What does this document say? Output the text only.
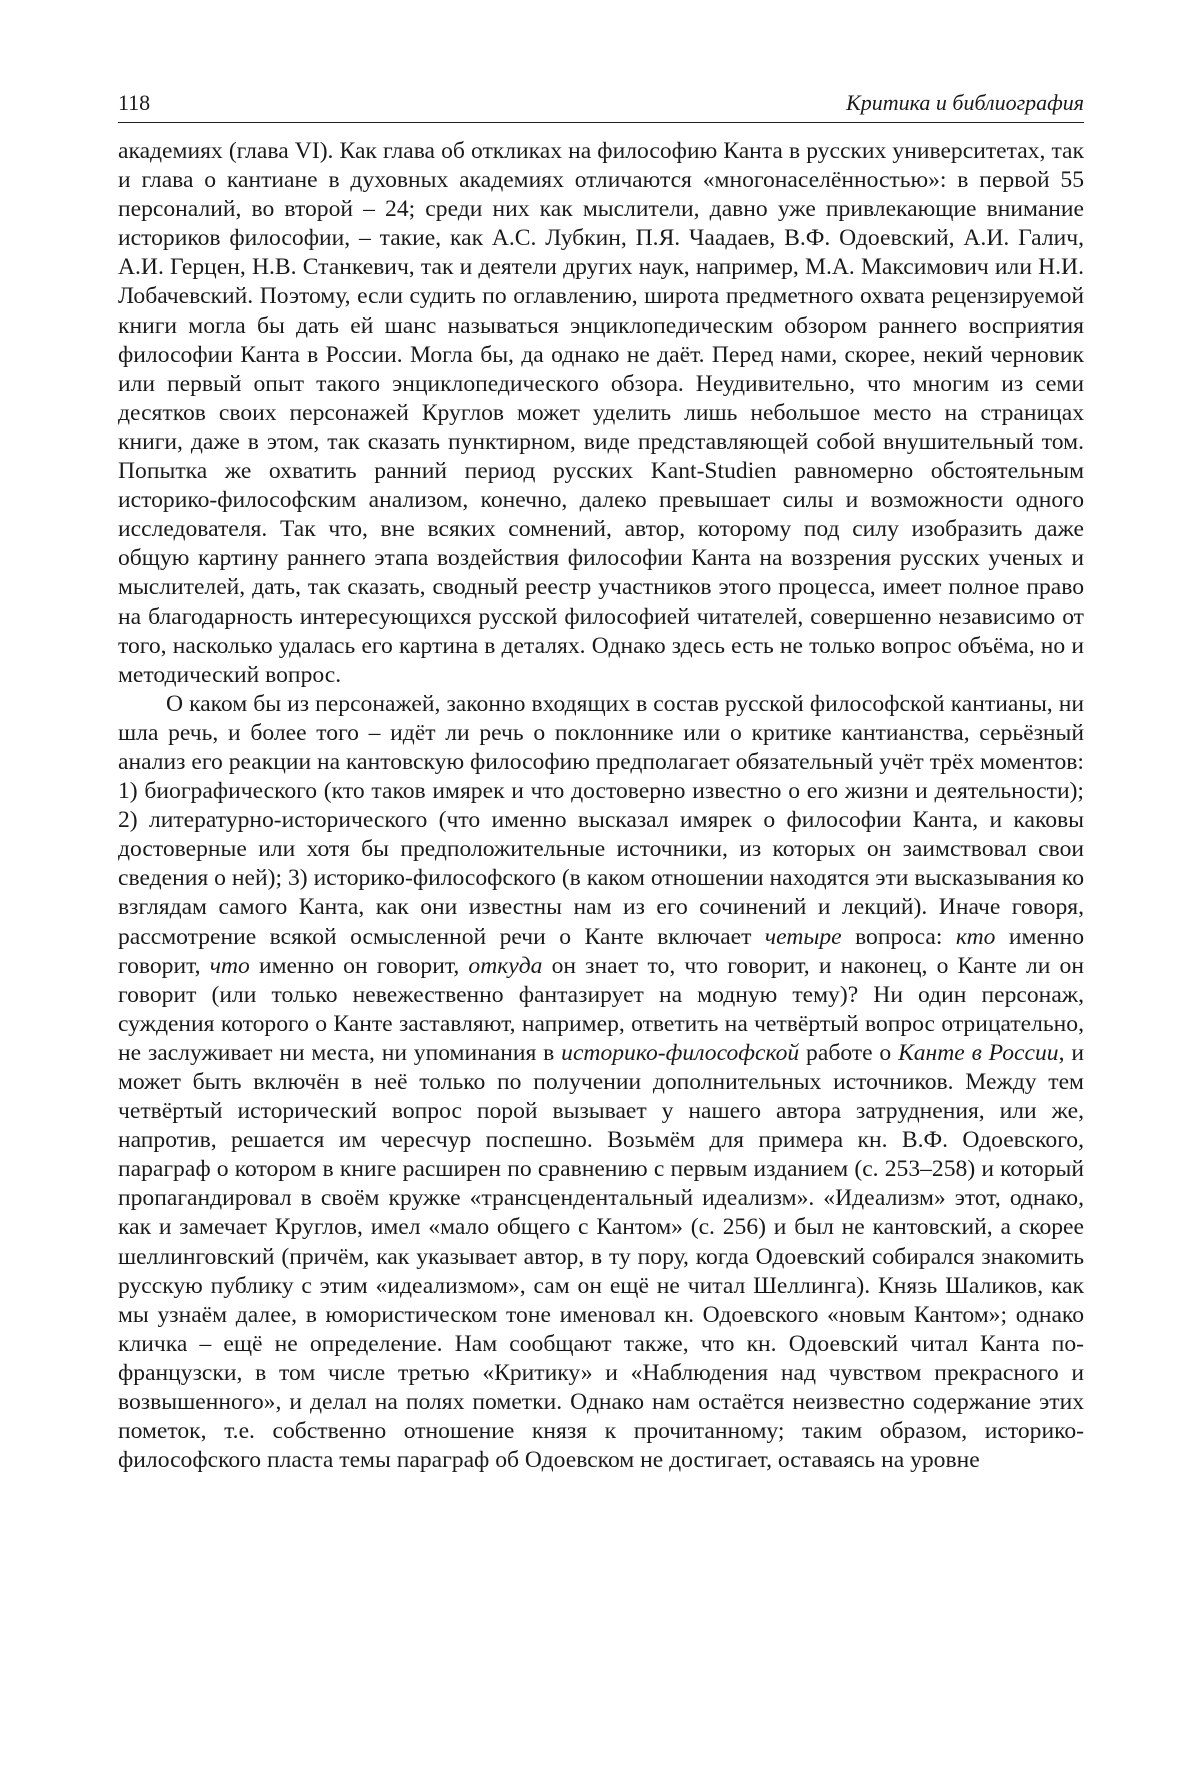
118	Критика и библиография

академиях (глава VI). Как глава об откликах на философию Канта в русских университетах, так и глава о кантиане в духовных академиях отличаются «многонаселённостью»: в первой 55 персоналий, во второй – 24; среди них как мыслители, давно уже привлекающие внимание историков философии, – такие, как А.С. Лубкин, П.Я. Чаадаев, В.Ф. Одоевский, А.И. Галич, А.И. Герцен, Н.В. Станкевич, так и деятели других наук, например, М.А. Максимович или Н.И. Лобачевский. Поэтому, если судить по оглавлению, широта предметного охвата рецензируемой книги могла бы дать ей шанс называться энциклопедическим обзором раннего восприятия философии Канта в России. Могла бы, да однако не даёт. Перед нами, скорее, некий черновик или первый опыт такого энциклопедического обзора. Неудивительно, что многим из семи десятков своих персонажей Круглов может уделить лишь небольшое место на страницах книги, даже в этом, так сказать пунктирном, виде представляющей собой внушительный том. Попытка же охватить ранний период русских Kant-Studien равномерно обстоятельным историко-философским анализом, конечно, далеко превышает силы и возможности одного исследователя. Так что, вне всяких сомнений, автор, которому под силу изобразить даже общую картину раннего этапа воздействия философии Канта на воззрения русских ученых и мыслителей, дать, так сказать, сводный реестр участников этого процесса, имеет полное право на благодарность интересующихся русской философией читателей, совершенно независимо от того, насколько удалась его картина в деталях. Однако здесь есть не только вопрос объёма, но и методический вопрос.

О каком бы из персонажей, законно входящих в состав русской философской кантианы, ни шла речь, и более того – идёт ли речь о поклоннике или о критике кантианства, серьёзный анализ его реакции на кантовскую философию предполагает обязательный учёт трёх моментов: 1) биографического (кто таков имярек и что достоверно известно о его жизни и деятельности); 2) литературно-исторического (что именно высказал имярек о философии Канта, и каковы достоверные или хотя бы предположительные источники, из которых он заимствовал свои сведения о ней); 3) историко-философского (в каком отношении находятся эти высказывания ко взглядам самого Канта, как они известны нам из его сочинений и лекций). Иначе говоря, рассмотрение всякой осмысленной речи о Канте включает четыре вопроса: кто именно говорит, что именно он говорит, откуда он знает то, что говорит, и наконец, о Канте ли он говорит (или только невежественно фантазирует на модную тему)? Ни один персонаж, суждения которого о Канте заставляют, например, ответить на четвёртый вопрос отрицательно, не заслуживает ни места, ни упоминания в историко-философской работе о Канте в России, и может быть включён в неё только по получении дополнительных источников. Между тем четвёртый исторический вопрос порой вызывает у нашего автора затруднения, или же, напротив, решается им чересчур поспешно. Возьмём для примера кн. В.Ф. Одоевского, параграф о котором в книге расширен по сравнению с первым изданием (с. 253–258) и который пропагандировал в своём кружке «трансцендентальный идеализм». «Идеализм» этот, однако, как и замечает Круглов, имел «мало общего с Кантом» (с. 256) и был не кантовский, а скорее шеллинговский (причём, как указывает автор, в ту пору, когда Одоевский собирался знакомить русскую публику с этим «идеализмом», сам он ещё не читал Шеллинга). Князь Шаликов, как мы узнаём далее, в юмористическом тоне именовал кн. Одоевского «новым Кантом»; однако кличка – ещё не определение. Нам сообщают также, что кн. Одоевский читал Канта по-французски, в том числе третью «Критику» и «Наблюдения над чувством прекрасного и возвышенного», и делал на полях пометки. Однако нам остаётся неизвестно содержание этих пометок, т.е. собственно отношение князя к прочитанному; таким образом, историко-философского пласта темы параграф об Одоевском не достигает, оставаясь на уровне
